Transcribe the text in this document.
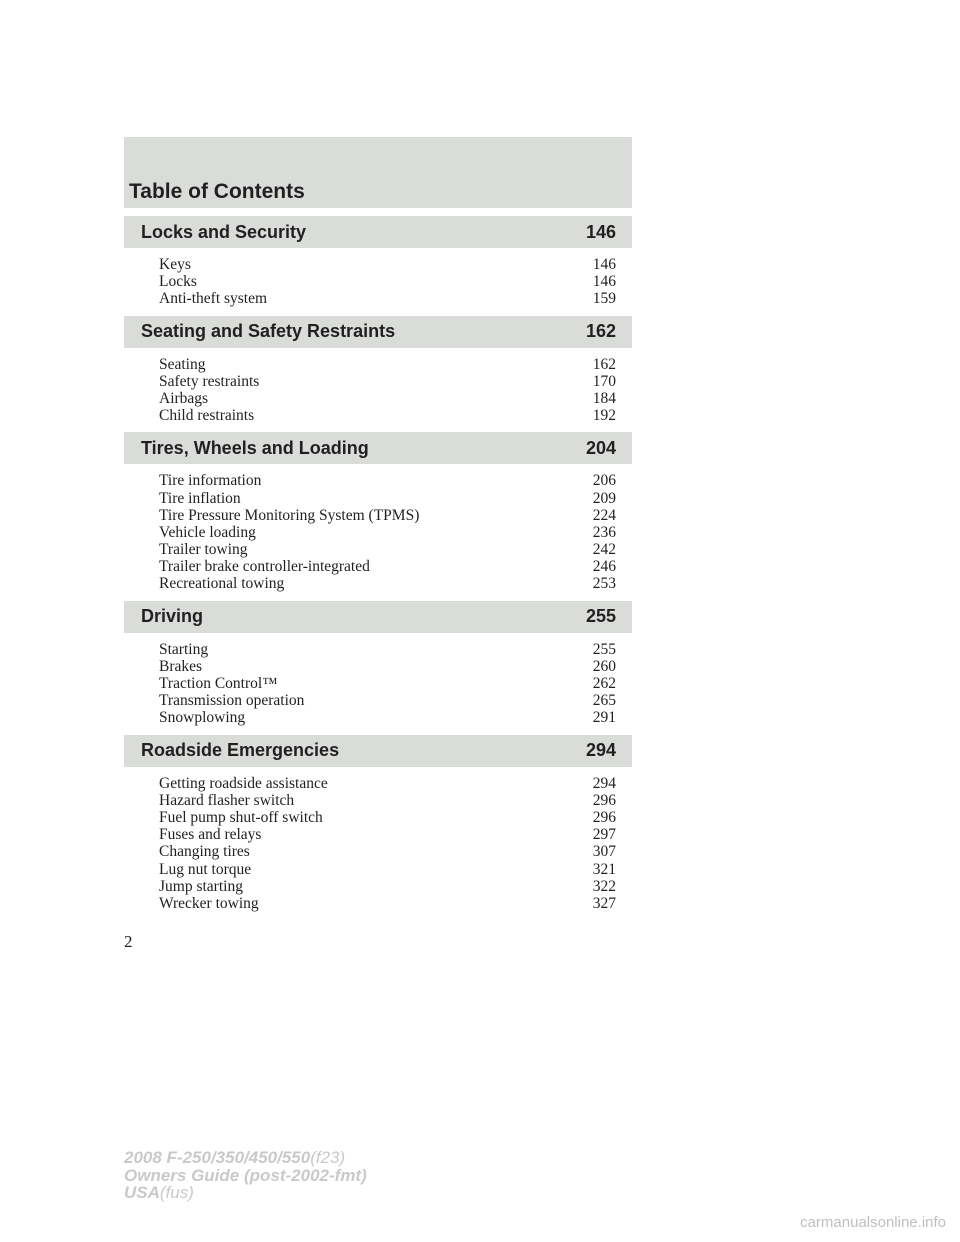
Table of Contents
Locks and Security	146
Keys	146
Locks	146
Anti-theft system	159
Seating and Safety Restraints	162
Seating	162
Safety restraints	170
Airbags	184
Child restraints	192
Tires, Wheels and Loading	204
Tire information	206
Tire inflation	209
Tire Pressure Monitoring System (TPMS)	224
Vehicle loading	236
Trailer towing	242
Trailer brake controller-integrated	246
Recreational towing	253
Driving	255
Starting	255
Brakes	260
Traction Control™	262
Transmission operation	265
Snowplowing	291
Roadside Emergencies	294
Getting roadside assistance	294
Hazard flasher switch	296
Fuel pump shut-off switch	296
Fuses and relays	297
Changing tires	307
Lug nut torque	321
Jump starting	322
Wrecker towing	327
2
2008 F-250/350/450/550(f23)
Owners Guide (post-2002-fmt)
USA(fus)
carmanualsonline.info
